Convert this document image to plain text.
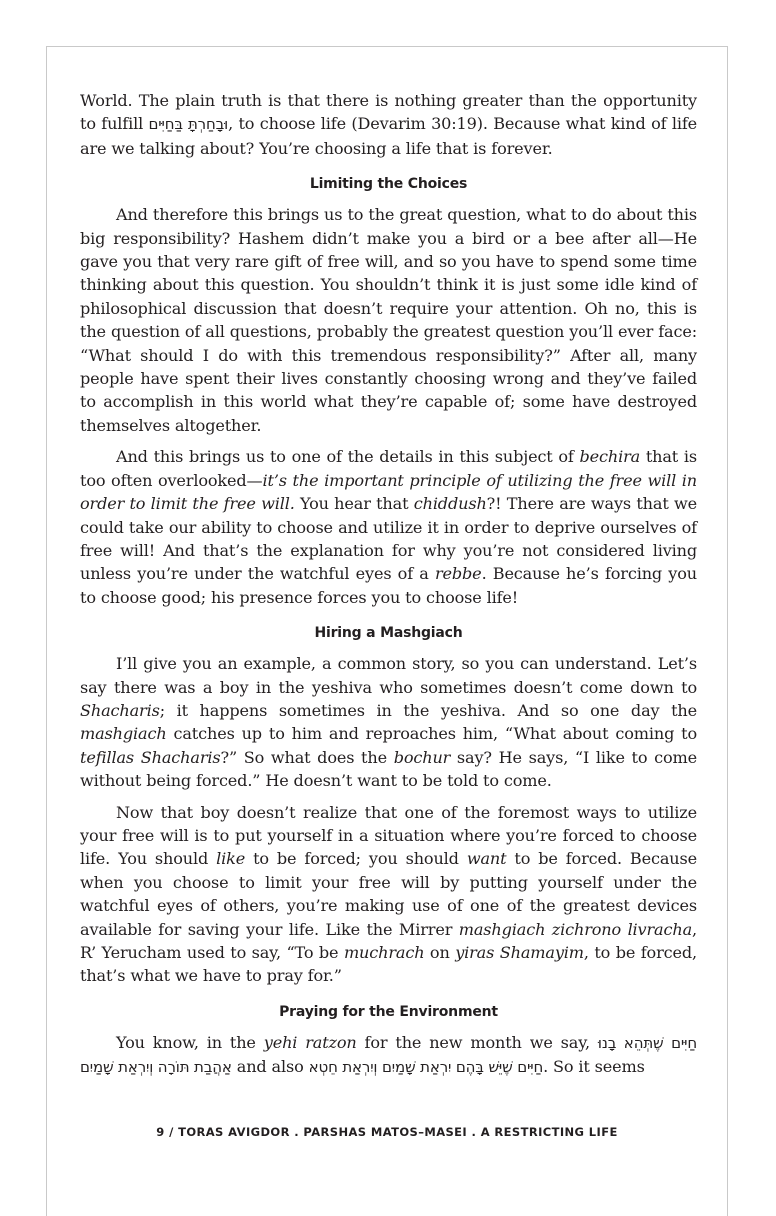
World. The plain truth is that there is nothing greater than the opportunity to fulfill וּבָחַרְתָּ בַּחַיִּים, to choose life (Devarim 30:19). Because what kind of life are we talking about? You’re choosing a life that is forever.

Limiting the Choices

And therefore this brings us to the great question, what to do about this big responsibility? Hashem didn’t make you a bird or a bee after all—He gave you that very rare gift of free will, and so you have to spend some time thinking about this question. You shouldn’t think it is just some idle kind of philosophical discussion that doesn’t require your attention. Oh no, this is the question of all questions, probably the greatest question you’ll ever face: “What should I do with this tremendous responsibility?” After all, many people have spent their lives constantly choosing wrong and they’ve failed to accomplish in this world what they’re capable of; some have destroyed themselves altogether.

And this brings us to one of the details in this subject of bechira that is too often overlooked—it’s the important principle of utilizing the free will in order to limit the free will. You hear that chiddush?! There are ways that we could take our ability to choose and utilize it in order to deprive ourselves of free will! And that’s the explanation for why you’re not considered living unless you’re under the watchful eyes of a rebbe. Because he’s forcing you to choose good; his presence forces you to choose life!

Hiring a Mashgiach

I’ll give you an example, a common story, so you can understand. Let’s say there was a boy in the yeshiva who sometimes doesn’t come down to Shacharis; it happens sometimes in the yeshiva. And so one day the mashgiach catches up to him and reproaches him, “What about coming to tefillas Shacharis?” So what does the bochur say? He says, “I like to come without being forced.” He doesn’t want to be told to come.

Now that boy doesn’t realize that one of the foremost ways to utilize your free will is to put yourself in a situation where you’re forced to choose life. You should like to be forced; you should want to be forced. Because when you choose to limit your free will by putting yourself under the watchful eyes of others, you’re making use of one of the greatest devices available for saving your life. Like the Mirrer mashgiach zichrono livracha, R’ Yerucham used to say, “To be muchrach on yiras Shamayim, to be forced, that’s what we have to pray for.”

Praying for the Environment

You know, in the yehi ratzon for the new month we say, חַיִּים שֶׁתְּהֵא בָנוּ אַהֲבַת תּוֹרָה וְיִרְאַת שָׁמַיִם and also חַיִּים שֶׁיֵּשׁ בָּהֶם יִרְאַת שָׁמַיִם וְיִרְאַת חֵטְא. So it seems

9 / TORAS AVIGDOR . PARSHAS MATOS–MASEI . A RESTRICTING LIFE
